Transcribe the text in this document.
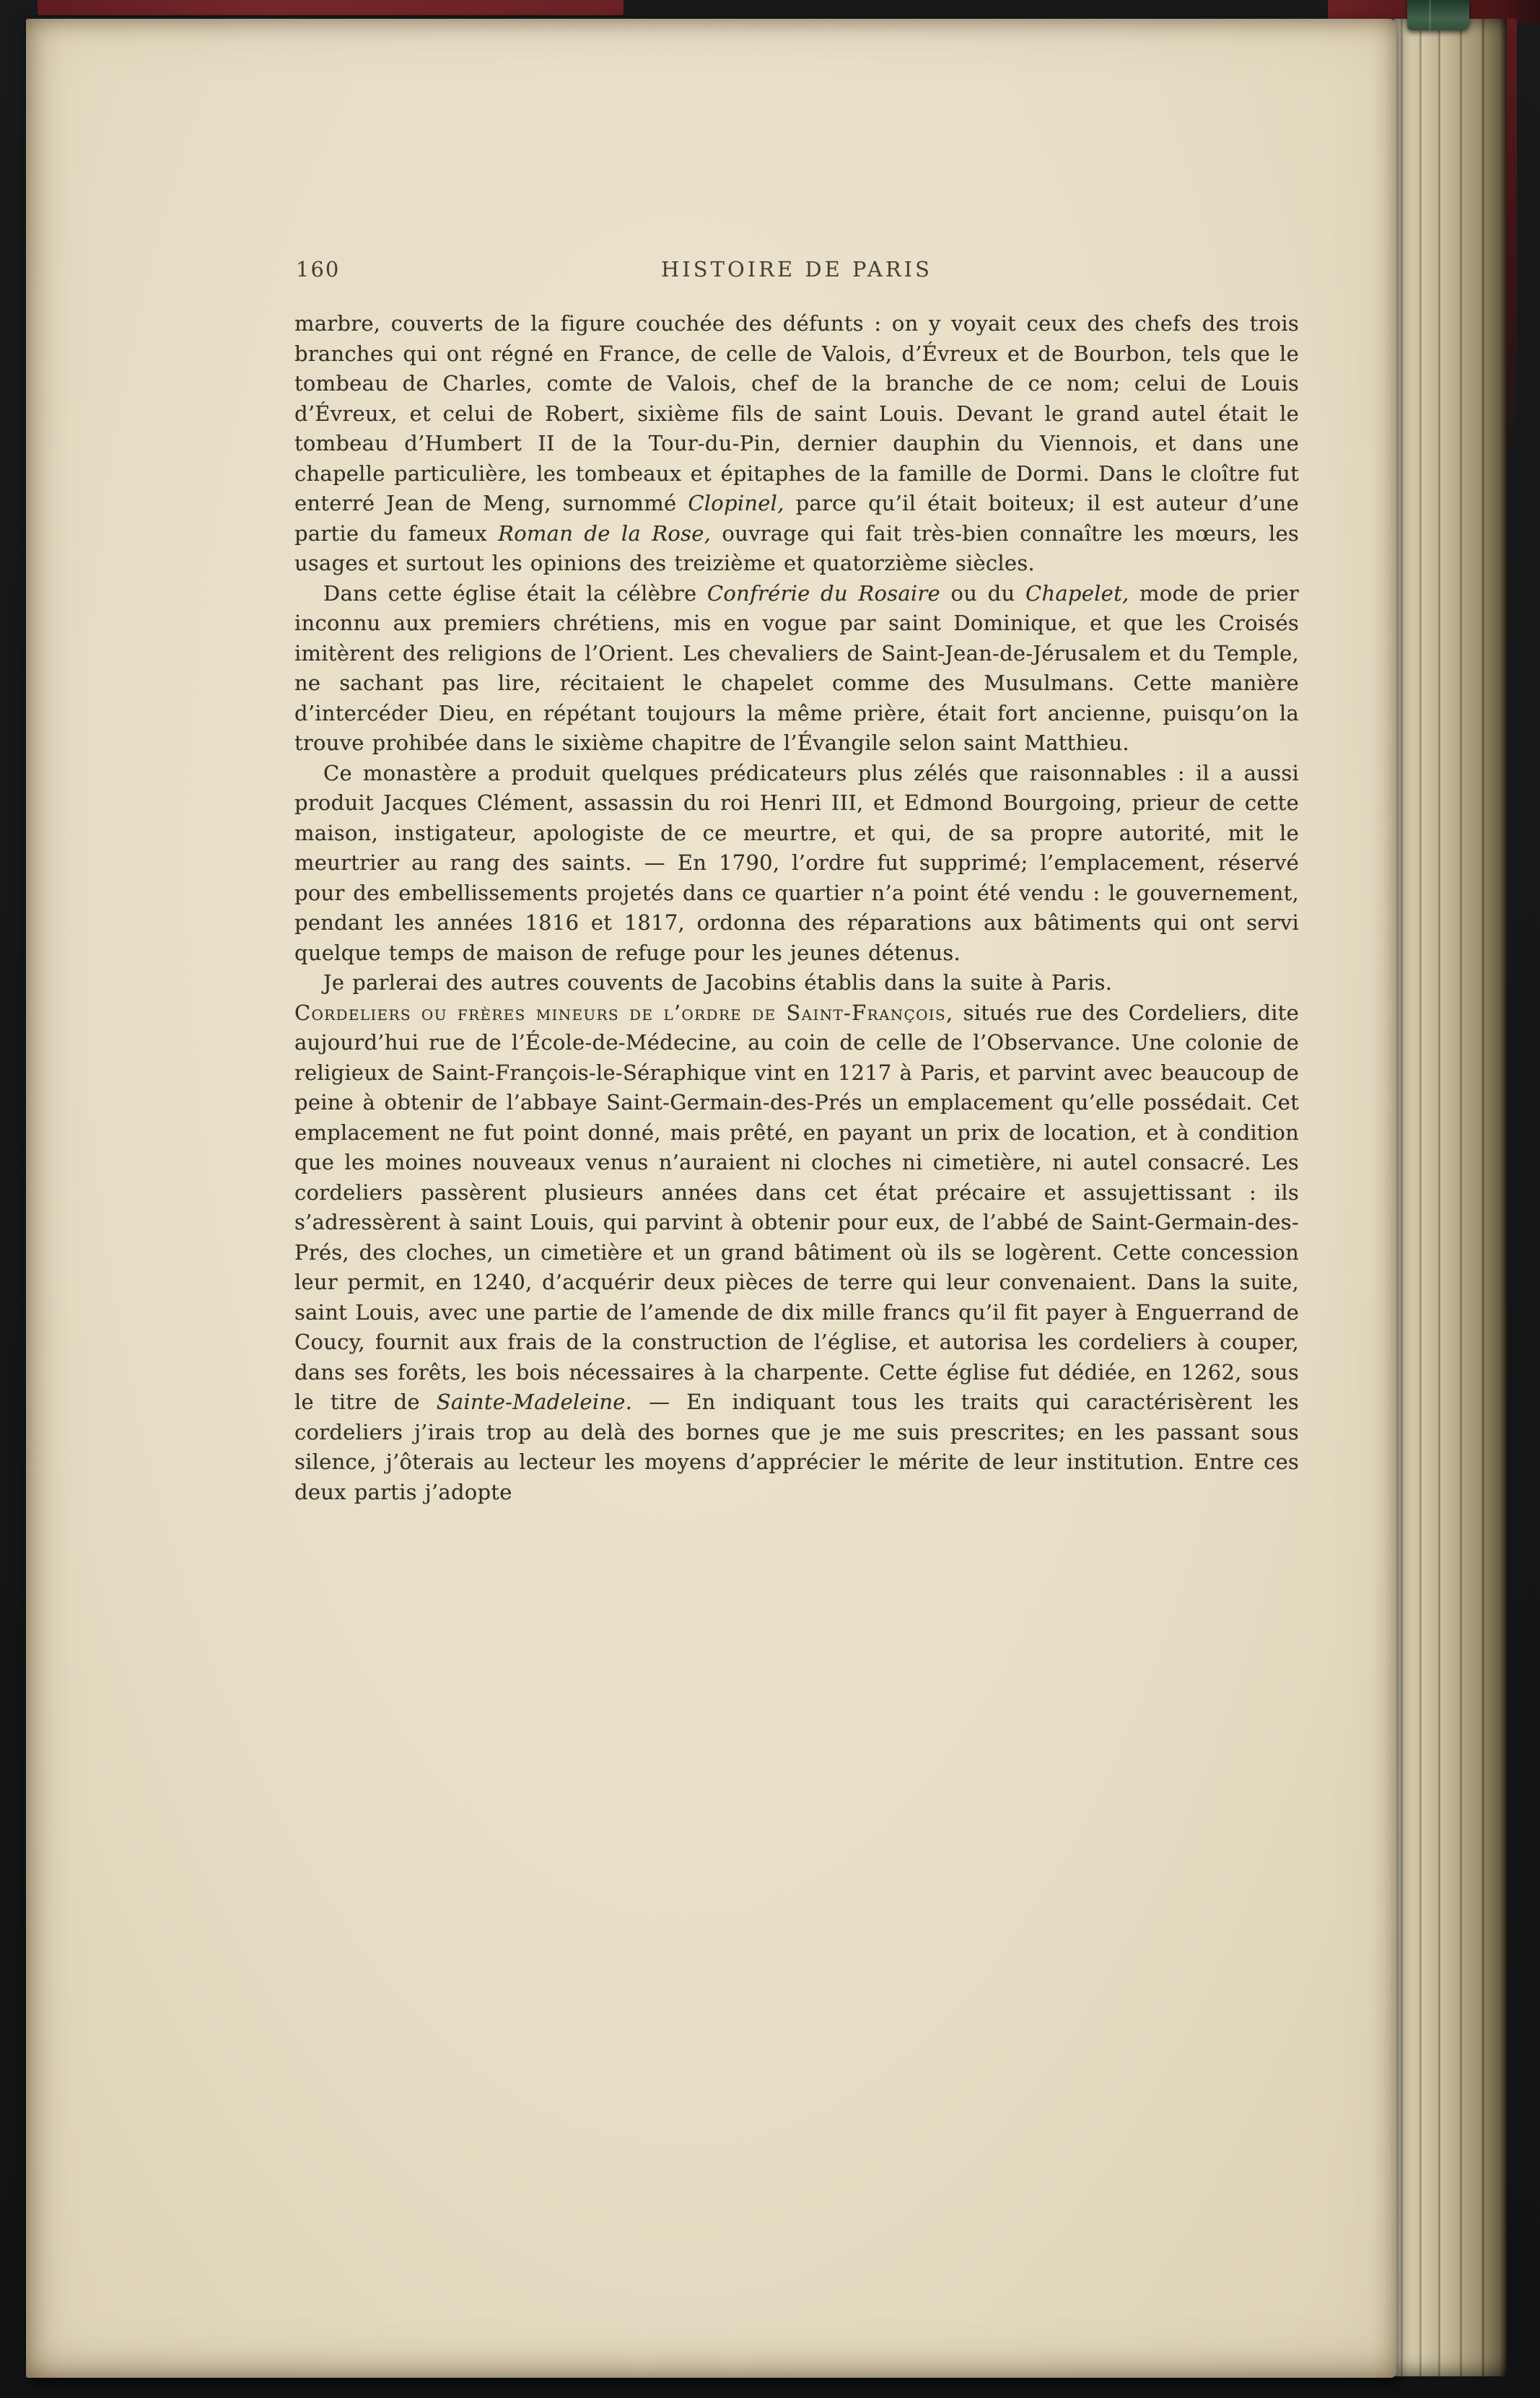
160	HISTOIRE DE PARIS

marbre, couverts de la figure couchée des défunts : on y voyait ceux des chefs des trois branches qui ont régné en France, de celle de Valois, d’Évreux et de Bourbon, tels que le tombeau de Charles, comte de Valois, chef de la branche de ce nom; celui de Louis d’Évreux, et celui de Robert, sixième fils de saint Louis. Devant le grand autel était le tombeau d’Humbert II de la Tour-du-Pin, dernier dauphin du Viennois, et dans une chapelle particulière, les tombeaux et épitaphes de la famille de Dormi. Dans le cloître fut enterré Jean de Meng, surnommé Clopinel, parce qu’il était boiteux; il est auteur d’une partie du fameux Roman de la Rose, ouvrage qui fait très-bien connaître les mœurs, les usages et surtout les opinions des treizième et quatorzième siècles.

Dans cette église était la célèbre Confrérie du Rosaire ou du Chapelet, mode de prier inconnu aux premiers chrétiens, mis en vogue par saint Dominique, et que les Croisés imitèrent des religions de l’Orient. Les chevaliers de Saint-Jean-de-Jérusalem et du Temple, ne sachant pas lire, récitaient le chapelet comme des Musulmans. Cette manière d’intercéder Dieu, en répétant toujours la même prière, était fort ancienne, puisqu’on la trouve prohibée dans le sixième chapitre de l’Évangile selon saint Matthieu.

Ce monastère a produit quelques prédicateurs plus zélés que raisonnables : il a aussi produit Jacques Clément, assassin du roi Henri III, et Edmond Bourgoing, prieur de cette maison, instigateur, apologiste de ce meurtre, et qui, de sa propre autorité, mit le meurtrier au rang des saints. — En 1790, l’ordre fut supprimé; l’emplacement, réservé pour des embellissements projetés dans ce quartier n’a point été vendu : le gouvernement, pendant les années 1816 et 1817, ordonna des réparations aux bâtiments qui ont servi quelque temps de maison de refuge pour les jeunes détenus.

Je parlerai des autres couvents de Jacobins établis dans la suite à Paris.

Cordeliers ou frères mineurs de l’ordre de Saint-François, situés rue des Cordeliers, dite aujourd’hui rue de l’École-de-Médecine, au coin de celle de l’Observance. Une colonie de religieux de Saint-François-le-Séraphique vint en 1217 à Paris, et parvint avec beaucoup de peine à obtenir de l’abbaye Saint-Germain-des-Prés un emplacement qu’elle possédait. Cet emplacement ne fut point donné, mais prêté, en payant un prix de location, et à condition que les moines nouveaux venus n’auraient ni cloches ni cimetière, ni autel consacré. Les cordeliers passèrent plusieurs années dans cet état précaire et assujettissant : ils s’adressèrent à saint Louis, qui parvint à obtenir pour eux, de l’abbé de Saint-Germain-des-Prés, des cloches, un cimetière et un grand bâtiment où ils se logèrent. Cette concession leur permit, en 1240, d’acquérir deux pièces de terre qui leur convenaient. Dans la suite, saint Louis, avec une partie de l’amende de dix mille francs qu’il fit payer à Enguerrand de Coucy, fournit aux frais de la construction de l’église, et autorisa les cordeliers à couper, dans ses forêts, les bois nécessaires à la charpente. Cette église fut dédiée, en 1262, sous le titre de Sainte-Madeleine. — En indiquant tous les traits qui caractérisèrent les cordeliers j’irais trop au delà des bornes que je me suis prescrites; en les passant sous silence, j’ôterais au lecteur les moyens d’apprécier le mérite de leur institution. Entre ces deux partis j’adopte
